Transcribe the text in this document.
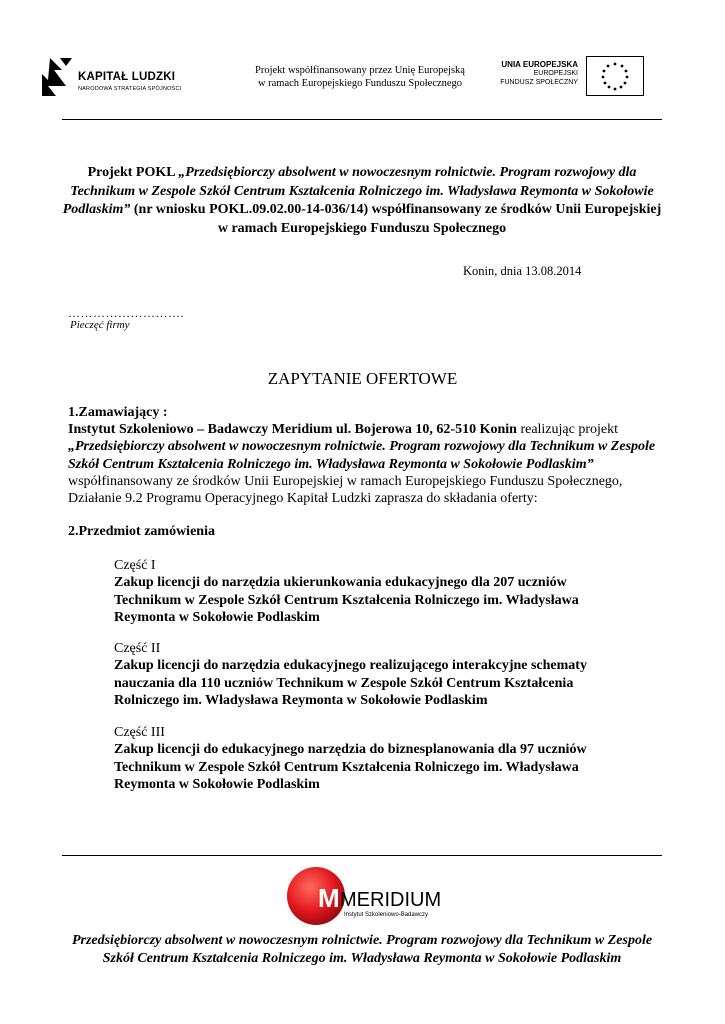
KAPITAŁ LUDZKI
NARODOWA STRATEGIA SPÓJNOŚCI
Projekt współfinansowany przez Unię Europejską
w ramach Europejskiego Funduszu Społecznego
UNIA EUROPEJSKA
EUROPEJSKI
FUNDUSZ SPOŁECZNY
Projekt POKL „Przedsiębiorczy absolwent w nowoczesnym rolnictwie. Program rozwojowy dla Technikum w Zespole Szkół Centrum Kształcenia Rolniczego im. Władysława Reymonta w Sokołowie Podlaskim” (nr wniosku POKL.09.02.00-14-036/14) współfinansowany ze środków Unii Europejskiej w ramach Europejskiego Funduszu Społecznego
Konin, dnia 13.08.2014
……………………….
Pieczęć firmy
ZAPYTANIE OFERTOWE
1.Zamawiający :
Instytut Szkoleniowo – Badawczy Meridium ul. Bojerowa 10, 62-510 Konin realizując projekt „Przedsiębiorczy absolwent w nowoczesnym rolnictwie. Program rozwojowy dla Technikum w Zespole Szkół Centrum Kształcenia Rolniczego im. Władysława Reymonta w Sokołowie Podlaskim” współfinansowany ze środków Unii Europejskiej w ramach Europejskiego Funduszu Społecznego, Działanie 9.2 Programu Operacyjnego Kapitał Ludzki zaprasza do składania oferty:
2.Przedmiot zamówienia
Część I
Zakup licencji do narzędzia ukierunkowania edukacyjnego dla 207 uczniów Technikum w Zespole Szkół Centrum Kształcenia Rolniczego im. Władysława Reymonta w Sokołowie Podlaskim
Część II
Zakup licencji do narzędzia edukacyjnego realizującego interakcyjne schematy nauczania dla 110 uczniów Technikum w Zespole Szkół Centrum Kształcenia Rolniczego im. Władysława Reymonta w Sokołowie Podlaskim
Część III
Zakup licencji do edukacyjnego narzędzia do biznesplanowania dla 97 uczniów Technikum w Zespole Szkół Centrum Kształcenia Rolniczego im. Władysława Reymonta w Sokołowie Podlaskim
M MERIDIUM
Instytut Szkoleniowo-Badawczy
Przedsiębiorczy absolwent w nowoczesnym rolnictwie. Program rozwojowy dla Technikum w Zespole Szkół Centrum Kształcenia Rolniczego im. Władysława Reymonta w Sokołowie Podlaskim
